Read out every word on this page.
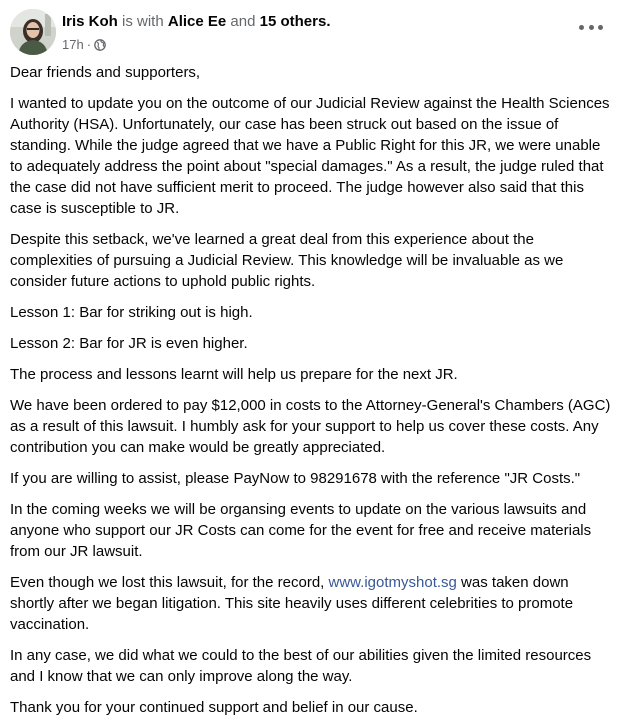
Iris Koh is with Alice Ee and 15 others.
17h ·

Dear friends and supporters,

I wanted to update you on the outcome of our Judicial Review against the Health Sciences Authority (HSA). Unfortunately, our case has been struck out based on the issue of standing. While the judge agreed that we have a Public Right for this JR, we were unable to adequately address the point about "special damages." As a result, the judge ruled that the case did not have sufficient merit to proceed. The judge however also said that this case is susceptible to JR.

Despite this setback, we've learned a great deal from this experience about the complexities of pursuing a Judicial Review. This knowledge will be invaluable as we consider future actions to uphold public rights.

Lesson 1: Bar for striking out is high.

Lesson 2: Bar for JR is even higher.

The process and lessons learnt will help us prepare for the next JR.

We have been ordered to pay $12,000 in costs to the Attorney-General's Chambers (AGC) as a result of this lawsuit. I humbly ask for your support to help us cover these costs. Any contribution you can make would be greatly appreciated.

If you are willing to assist, please PayNow to 98291678 with the reference "JR Costs."

In the coming weeks we will be organsing events to update on the various lawsuits and anyone who support our JR Costs can come for the event for free and receive materials from our JR lawsuit.

Even though we lost this lawsuit, for the record, www.igotmyshot.sg was taken down shortly after we began litigation. This site heavily uses different celebrities to promote vaccination.

In any case, we did what we could to the best of our abilities given the limited resources and I know that we can only improve along the way.

Thank you for your continued support and belief in our cause.
